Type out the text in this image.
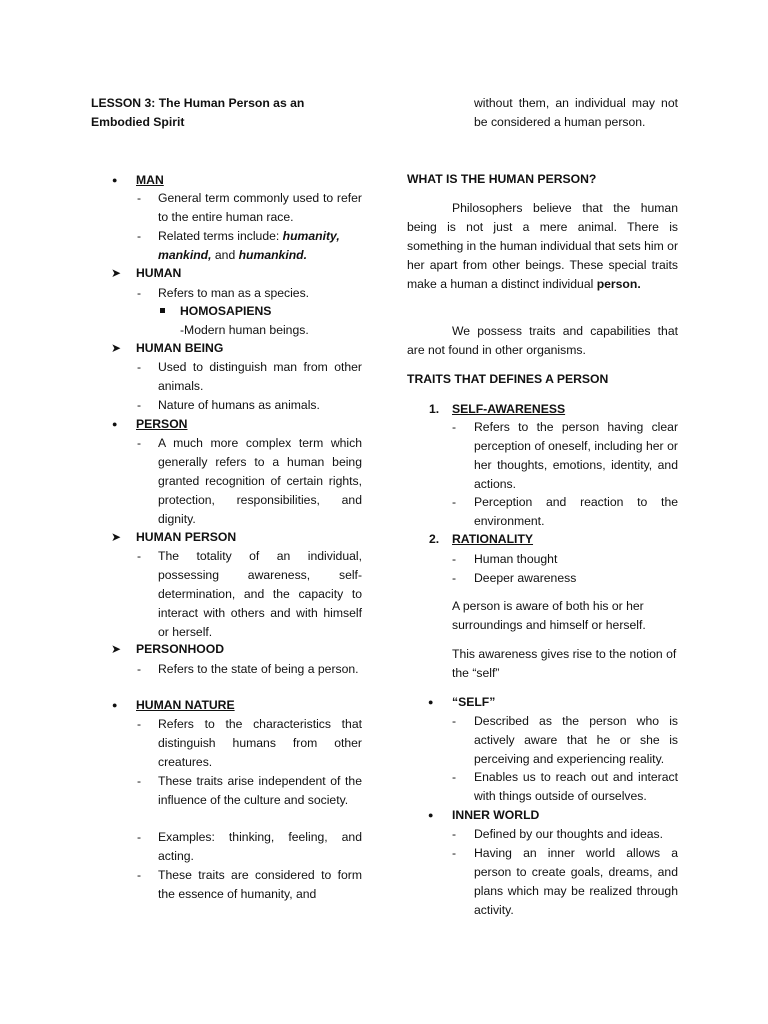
LESSON 3: The Human Person as an Embodied Spirit
without them, an individual may not be considered a human person.
● MAN
- General term commonly used to refer to the entire human race.
- Related terms include: humanity,
mankind, and humankind.
➤ HUMAN
- Refers to man as a species.
HOMOSAPIENS
-Modern human beings.
➤ HUMAN BEING
- Used to distinguish man from other animals.
- Nature of humans as animals.
● PERSON
- A much more complex term which generally refers to a human being granted recognition of certain rights, protection, responsibilities, and dignity.
➤ HUMAN PERSON
- The totality of an individual, possessing awareness, self-determination, and the capacity to interact with others and with himself or herself.
➤ PERSONHOOD
- Refers to the state of being a person.
● HUMAN NATURE
- Refers to the characteristics that distinguish humans from other creatures.
- These traits arise independent of the influence of the culture and society.
- Examples: thinking, feeling, and acting.
- These traits are considered to form the essence of humanity, and
WHAT IS THE HUMAN PERSON?
Philosophers believe that the human being is not just a mere animal. There is something in the human individual that sets him or her apart from other beings. These special traits make a human a distinct individual person.
We possess traits and capabilities that are not found in other organisms.
TRAITS THAT DEFINES A PERSON
1. SELF-AWARENESS
- Refers to the person having clear perception of oneself, including her or her thoughts, emotions, identity, and actions.
- Perception and reaction to the environment.
2. RATIONALITY
- Human thought
- Deeper awareness
A person is aware of both his or her surroundings and himself or herself.
This awareness gives rise to the notion of the “self”
● “SELF”
- Described as the person who is actively aware that he or she is perceiving and experiencing reality.
- Enables us to reach out and interact with things outside of ourselves.
● INNER WORLD
- Defined by our thoughts and ideas.
- Having an inner world allows a person to create goals, dreams, and plans which may be realized through activity.
